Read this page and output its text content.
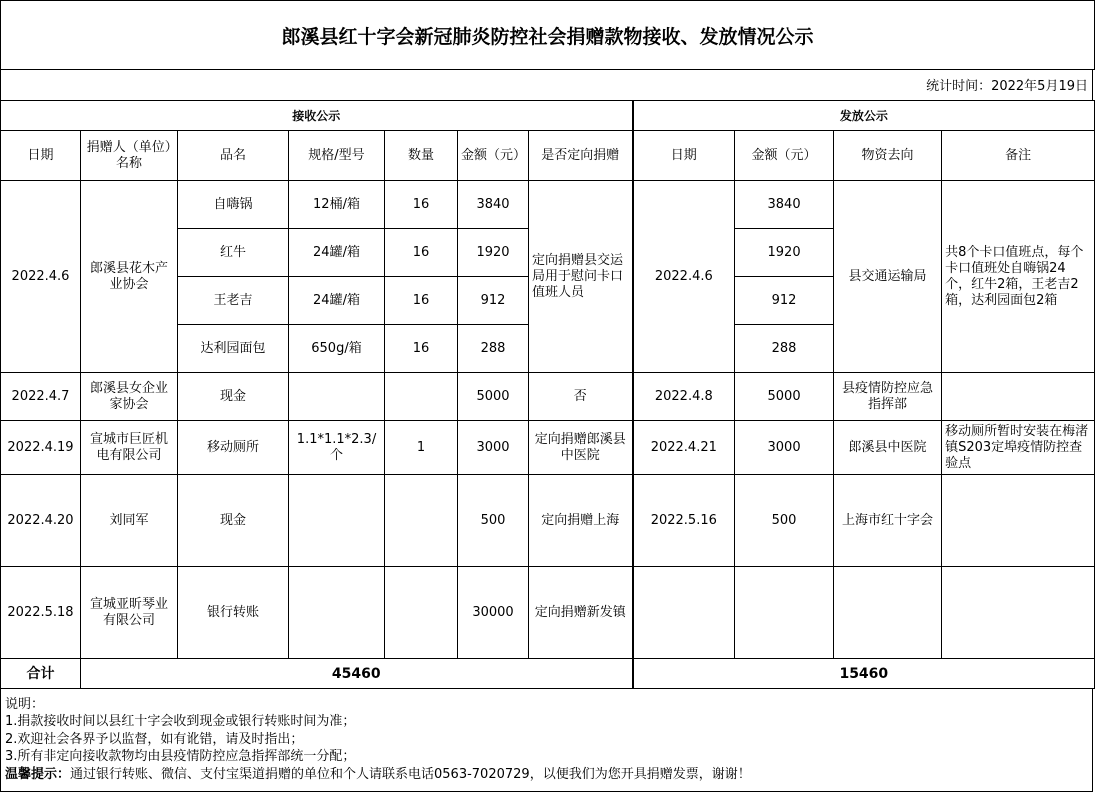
郎溪县红十字会新冠肺炎防控社会捐赠款物接收、发放情况公示
统计时间：2022年5月19日
接收公示							发放公示			
日期	捐赠人（单位）名称	品名	规格/型号	数量	金额（元）	是否定向捐赠	日期	金额（元）	物资去向	备注
2022.4.6	郎溪县花木产业协会	自嗨锅	12桶/箱	16	3840	定向捐赠县交运局用于慰问卡口值班人员	2022.4.6	3840	县交通运输局	共8个卡口值班点，每个卡口值班处自嗨锅24个，红牛2箱，王老吉2箱，达利园面包2箱
		红牛	24罐/箱	16	1920			1920		
		王老吉	24罐/箱	16	912			912		
		达利园面包	650g/箱	16	288			288		
2022.4.7	郎溪县女企业家协会	现金			5000	否	2022.4.8	5000	县疫情防控应急指挥部	
2022.4.19	宣城市巨匠机电有限公司	移动厕所	1.1*1.1*2.3/个	1	3000	定向捐赠郎溪县中医院	2022.4.21	3000	郎溪县中医院	移动厕所暂时安装在梅渚镇S203定埠疫情防控查验点
2022.4.20	刘同军	现金			500	定向捐赠上海	2022.5.16	500	上海市红十字会	
2022.5.18	宣城亚昕琴业有限公司	银行转账			30000	定向捐赠新发镇				
合计	45460						15460			
说明：
1.捐款接收时间以县红十字会收到现金或银行转账时间为准；
2.欢迎社会各界予以监督，如有讹错，请及时指出；
3.所有非定向接收款物均由县疫情防控应急指挥部统一分配；
温馨提示：通过银行转账、微信、支付宝渠道捐赠的单位和个人请联系电话0563-7020729，以便我们为您开具捐赠发票，谢谢！
